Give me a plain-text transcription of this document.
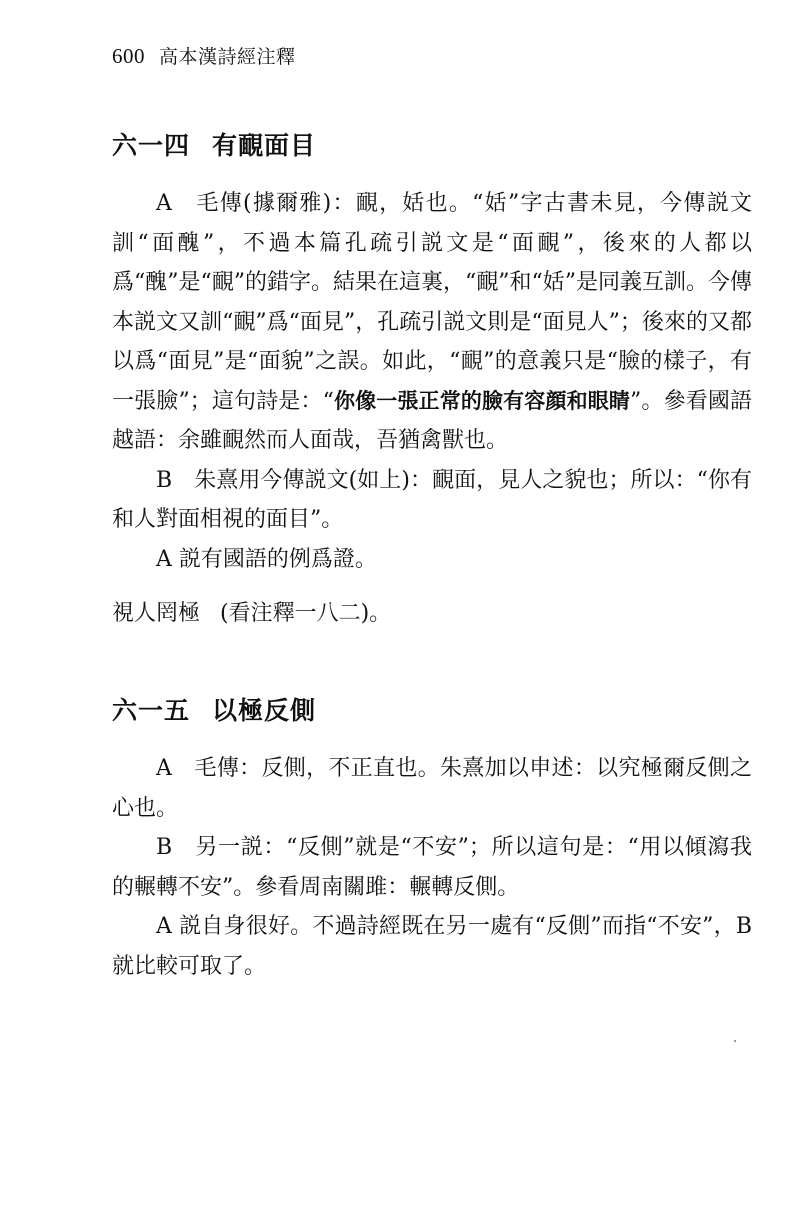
600 高本漢詩經注釋
六一四 有靦面目

A　毛傳(據爾雅)：靦，姡也。“姡”字古書未見，今傳説文訓“面醜”，不過本篇孔疏引説文是“面靦”，後來的人都以爲“醜”是“靦”的錯字。結果在這裏，“靦”和“姡”是同義互訓。今傳本説文又訓“靦”爲“面見”，孔疏引説文則是“面見人”；後來的又都以爲“面見”是“面貌”之誤。如此，“靦”的意義只是“臉的樣子，有一張臉”；這句詩是：“你像一張正常的臉有容顔和眼睛”。參看國語越語：余雖靦然而人面哉，吾猶禽獸也。

B　朱熹用今傳説文(如上)：靦面，見人之貌也；所以：“你有和人對面相視的面目”。

A 説有國語的例爲證。

視人罔極 (看注釋一八二)。
六一五 以極反側

A　毛傳：反側，不正直也。朱熹加以申述：以究極爾反側之心也。

B　另一説：“反側”就是“不安”；所以這句是：“用以傾瀉我的輾轉不安”。參看周南關雎：輾轉反側。

A 説自身很好。不過詩經既在另一處有“反側”而指“不安”，B 就比較可取了。
